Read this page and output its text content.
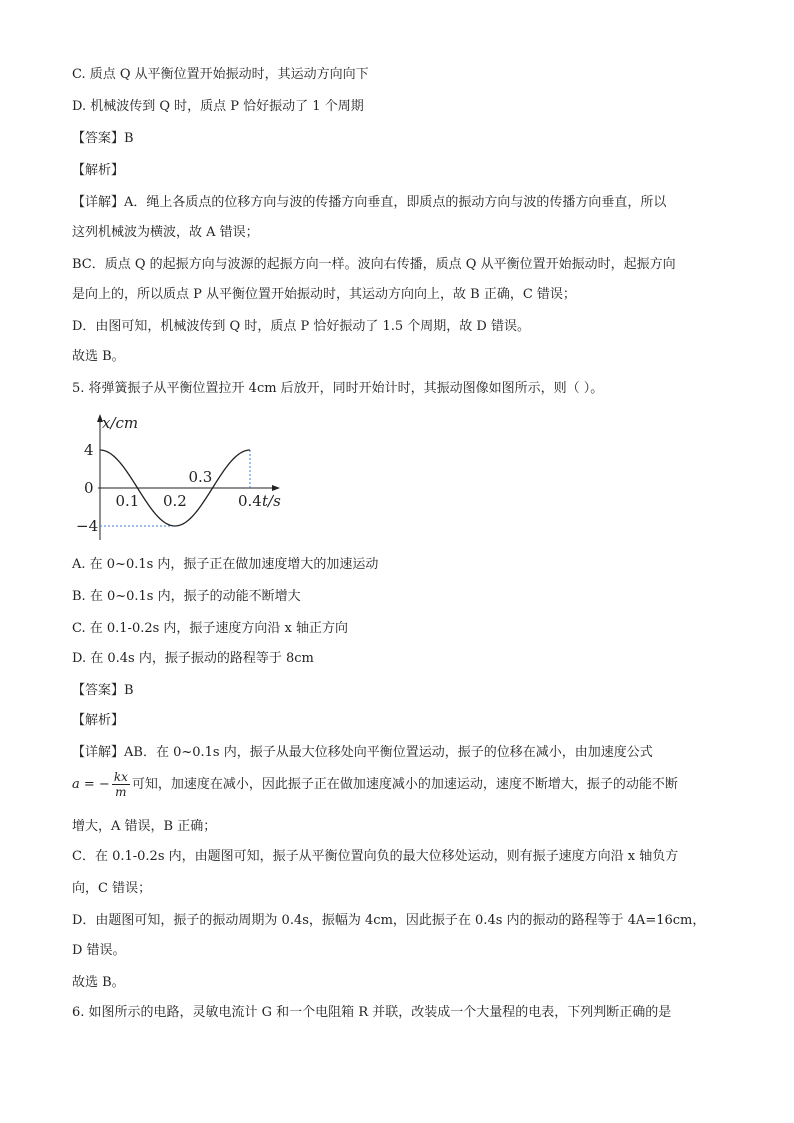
C. 质点 Q 从平衡位置开始振动时，其运动方向向下
D. 机械波传到 Q 时，质点 P 恰好振动了 1 个周期
【答案】B
【解析】
【详解】A．绳上各质点的位移方向与波的传播方向垂直，即质点的振动方向与波的传播方向垂直，所以
这列机械波为横波，故 A 错误；
BC．质点 Q 的起振方向与波源的起振方向一样。波向右传播，质点 Q 从平衡位置开始振动时，起振方向
是向上的，所以质点 P 从平衡位置开始振动时，其运动方向向上，故 B 正确，C 错误；
D．由图可知，机械波传到 Q 时，质点 P 恰好振动了 1.5 个周期，故 D 错误。
故选 B。
5. 将弹簧振子从平衡位置拉开 4cm 后放开，同时开始计时，其振动图像如图所示，则（ ）。
x/cm
t/s
4
0
−4
0.1 0.2
0.3
0.4
A. 在 0~0.1s 内，振子正在做加速度增大的加速运动
B. 在 0~0.1s 内，振子的动能不断增大
C. 在 0.1-0.2s 内，振子速度方向沿 x 轴正方向
D. 在 0.4s 内，振子振动的路程等于 8cm
【答案】B
【解析】
【详解】AB．在 0~0.1s 内，振子从最大位移处向平衡位置运动，振子的位移在减小，由加速度公式
a = − $\frac{kx}{m}$ 可知，加速度在减小，因此振子正在做加速度减小的加速运动，速度不断增大，振子的动能不断
增大，A 错误，B 正确；
C．在 0.1-0.2s 内，由题图可知，振子从平衡位置向负的最大位移处运动，则有振子速度方向沿 x 轴负方
向，C 错误；
D．由题图可知，振子的振动周期为 0.4s，振幅为 4cm，因此振子在 0.4s 内的振动的路程等于 4A=16cm，
D 错误。
故选 B。
6. 如图所示的电路，灵敏电流计 G 和一个电阻箱 R 并联，改装成一个大量程的电表，下列判断正确的是
